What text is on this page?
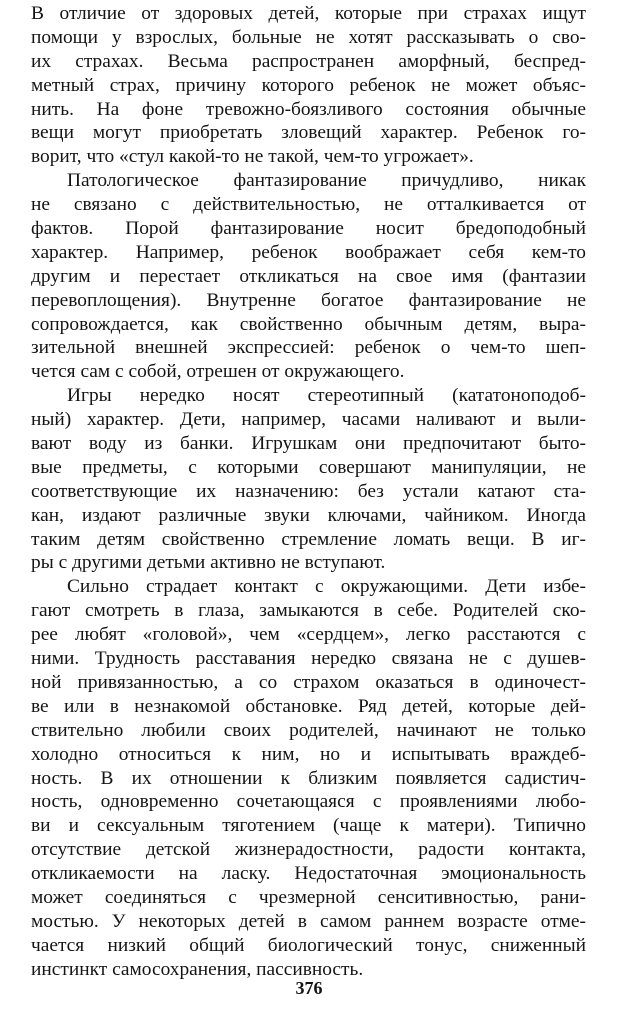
В отличие от здоровых детей, которые при страхах ищут
помощи у взрослых, больные не хотят рассказывать о сво-
их страхах. Весьма распространен аморфный, беспред-
метный страх, причину которого ребенок не может объяс-
нить. На фоне тревожно-боязливого состояния обычные
вещи могут приобретать зловещий характер. Ребенок го-
ворит, что «стул какой-то не такой, чем-то угрожает».
Патологическое фантазирование причудливо, никак
не связано с действительностью, не отталкивается от
фактов. Порой фантазирование носит бредоподобный
характер. Например, ребенок воображает себя кем-то
другим и перестает откликаться на свое имя (фантазии
перевоплощения). Внутренне богатое фантазирование не
сопровождается, как свойственно обычным детям, выра-
зительной внешней экспрессией: ребенок о чем-то шеп-
чется сам с собой, отрешен от окружающего.
Игры нередко носят стереотипный (кататоноподоб-
ный) характер. Дети, например, часами наливают и выли-
вают воду из банки. Игрушкам они предпочитают быто-
вые предметы, с которыми совершают манипуляции, не
соответствующие их назначению: без устали катают ста-
кан, издают различные звуки ключами, чайником. Иногда
таким детям свойственно стремление ломать вещи. В иг-
ры с другими детьми активно не вступают.
Сильно страдает контакт с окружающими. Дети избе-
гают смотреть в глаза, замыкаются в себе. Родителей ско-
рее любят «головой», чем «сердцем», легко расстаются с
ними. Трудность расставания нередко связана не с душев-
ной привязанностью, а со страхом оказаться в одиночест-
ве или в незнакомой обстановке. Ряд детей, которые дей-
ствительно любили своих родителей, начинают не только
холодно относиться к ним, но и испытывать враждеб-
ность. В их отношении к близким появляется садистич-
ность, одновременно сочетающаяся с проявлениями любо-
ви и сексуальным тяготением (чаще к матери). Типично
отсутствие детской жизнерадостности, радости контакта,
откликаемости на ласку. Недостаточная эмоциональность
может соединяться с чрезмерной сенситивностью, рани-
мостью. У некоторых детей в самом раннем возрасте отме-
чается низкий общий биологический тонус, сниженный
инстинкт самосохранения, пассивность.
376
